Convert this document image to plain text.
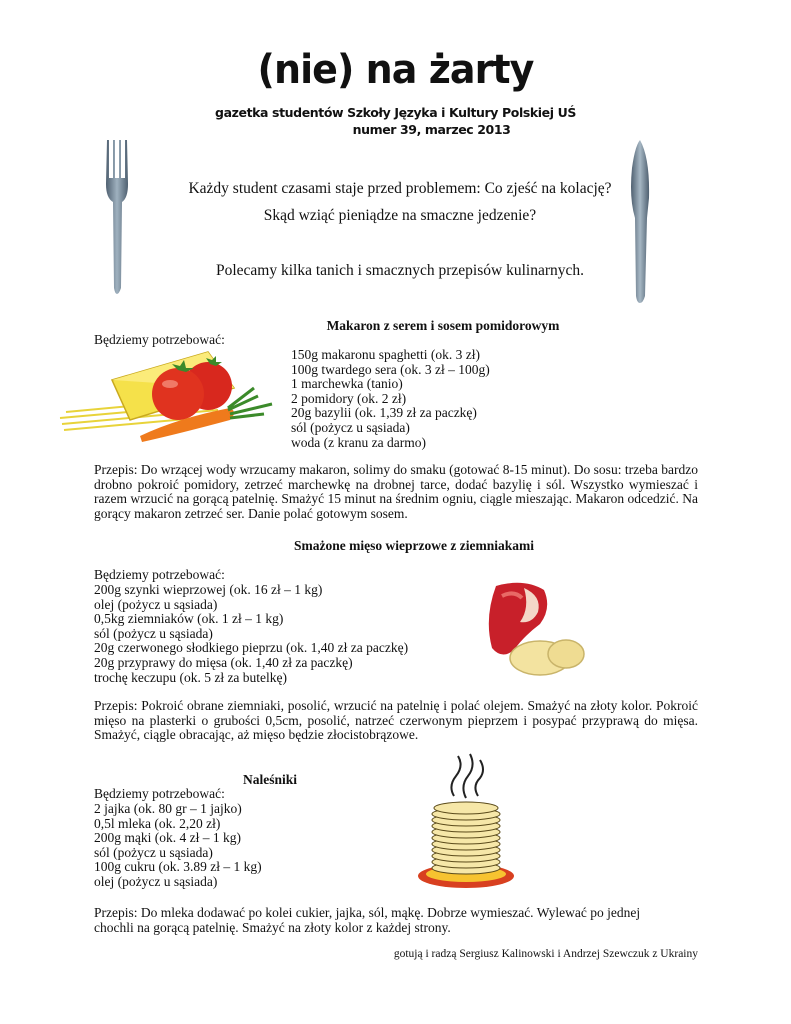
(nie) na żarty
gazetka studentów Szkoły Języka i Kultury Polskiej UŚ
numer 39, marzec 2013
Każdy student czasami staje przed problemem: Co zjeść na kolację?
Skąd wziąć pieniądze na smaczne jedzenie?
Polecamy kilka tanich i smacznych przepisów kulinarnych.
Makaron z serem i sosem pomidorowym
Będziemy potrzebować:
150g makaronu spaghetti (ok. 3 zł)
100g twardego sera (ok. 3 zł – 100g)
1 marchewka (tanio)
2 pomidory (ok. 2 zł)
20g bazylii (ok. 1,39 zł za paczkę)
sól (pożycz u sąsiada)
woda (z kranu za darmo)
Przepis: Do wrzącej wody wrzucamy makaron, solimy do smaku (gotować 8-15 minut). Do sosu: trzeba bardzo drobno pokroić pomidory, zetrzeć marchewkę na drobnej tarce, dodać bazylię i sól. Wszystko wymieszać i razem wrzucić na gorącą patelnię. Smażyć 15 minut na średnim ogniu, ciągle mieszając. Makaron odcedzić. Na gorący makaron zetrzeć ser. Danie polać gotowym sosem.
Smażone mięso wieprzowe z ziemniakami
Będziemy potrzebować:
200g szynki wieprzowej (ok. 16 zł – 1 kg)
olej (pożycz u sąsiada)
0,5kg ziemniaków (ok. 1 zł – 1 kg)
sól (pożycz u sąsiada)
20g czerwonego słodkiego pieprzu (ok. 1,40 zł za paczkę)
20g przyprawy do mięsa (ok. 1,40 zł za paczkę)
trochę keczupu (ok. 5 zł za butelkę)
Przepis: Pokroić obrane ziemniaki, posolić, wrzucić na patelnię i polać olejem. Smażyć na złoty kolor. Pokroić mięso na plasterki o grubości 0,5cm, posolić, natrzeć czerwonym pieprzem i posypać przyprawą do mięsa. Smażyć, ciągle obracając, aż mięso będzie złocistobrązowe.
Naleśniki
Będziemy potrzebować:
2 jajka (ok. 80 gr – 1 jajko)
0,5l mleka (ok. 2,20 zł)
200g mąki (ok. 4 zł – 1 kg)
sól (pożycz u sąsiada)
100g cukru (ok. 3.89 zł – 1 kg)
olej (pożycz u sąsiada)
Przepis: Do mleka dodawać po kolei cukier, jajka, sól, mąkę. Dobrze wymieszać. Wylewać po jednej
chochli na gorącą patelnię. Smażyć na złoty kolor z każdej strony.
gotują i radzą Sergiusz Kalinowski i Andrzej Szewczuk z Ukrainy
